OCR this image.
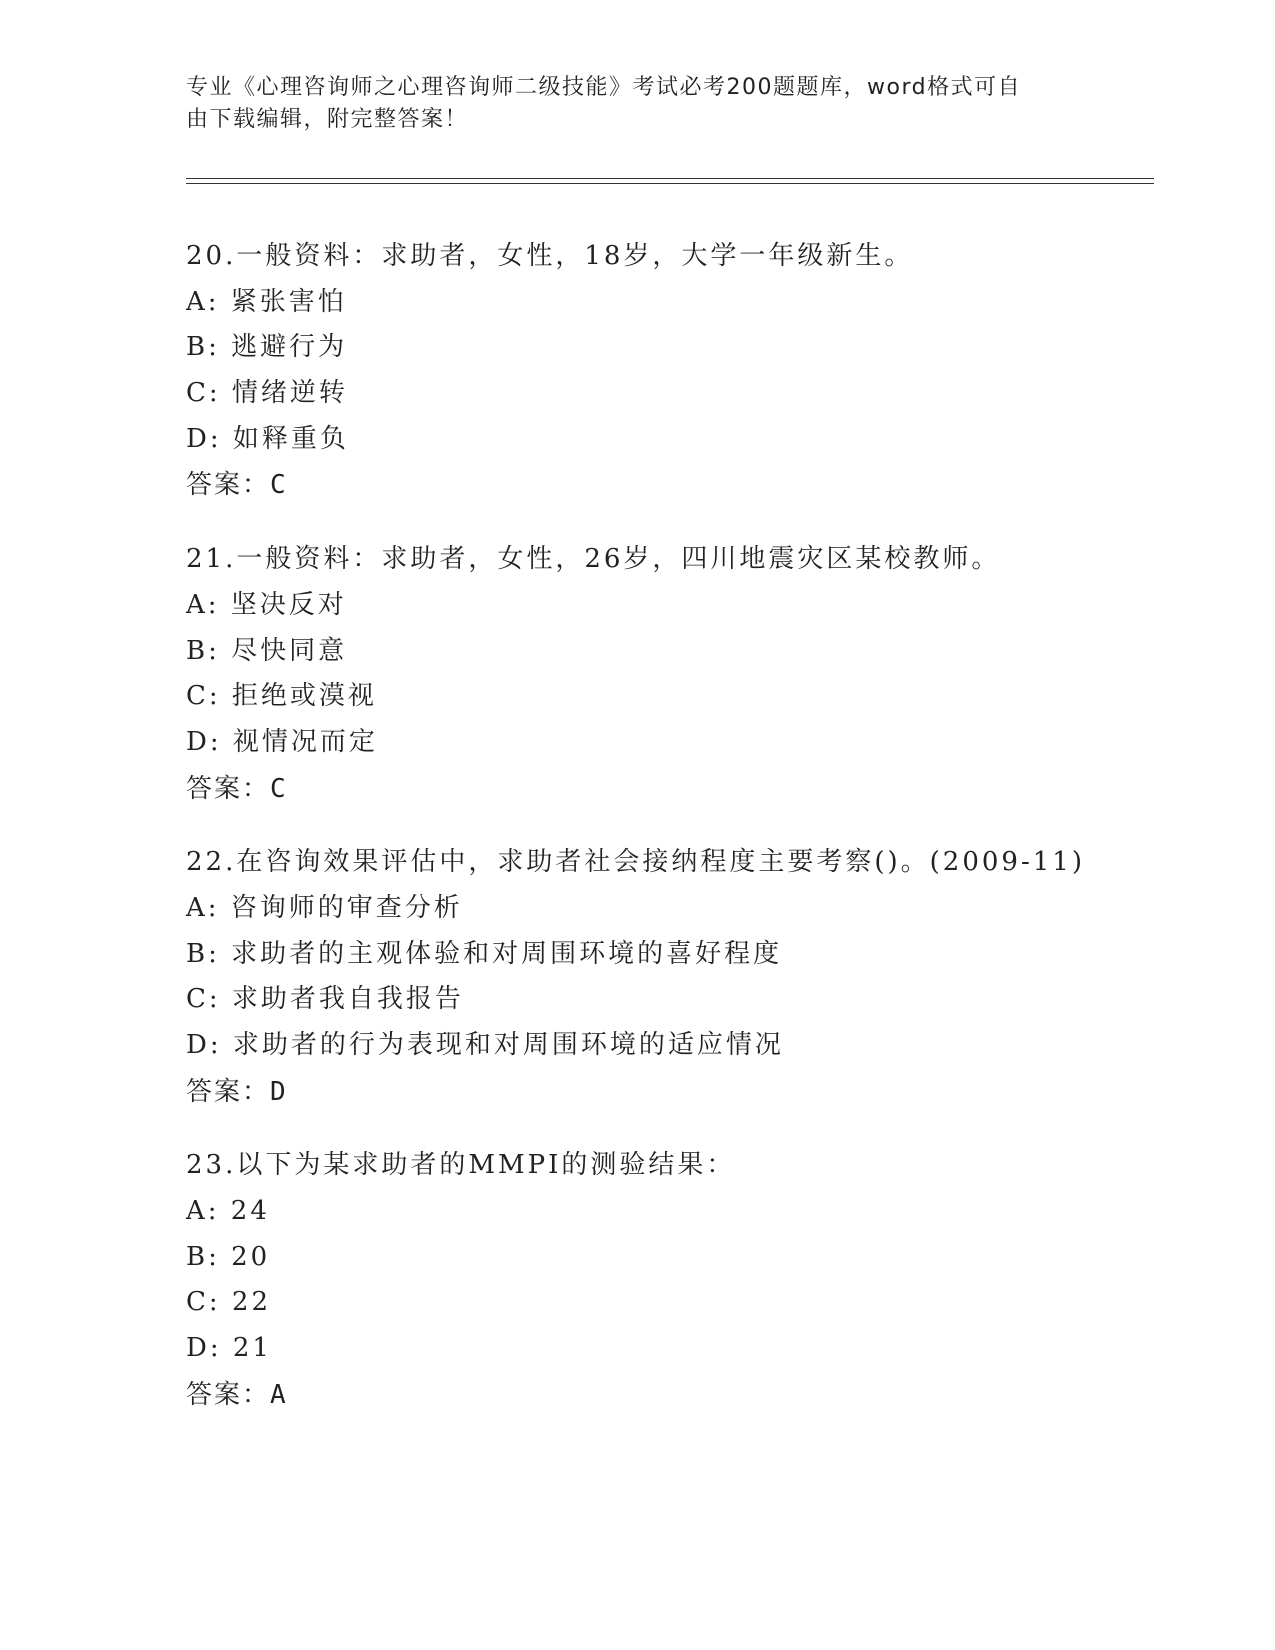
专业《心理咨询师之心理咨询师二级技能》考试必考200题题库，word格式可自
由下载编辑，附完整答案！
20.一般资料：求助者，女性，18岁，大学一年级新生。
A: 紧张害怕
B: 逃避行为
C: 情绪逆转
D: 如释重负
答案：C
21.一般资料：求助者，女性，26岁，四川地震灾区某校教师。
A: 坚决反对
B: 尽快同意
C: 拒绝或漠视
D: 视情况而定
答案：C
22.在咨询效果评估中，求助者社会接纳程度主要考察()。(2009-11)
A: 咨询师的审查分析
B: 求助者的主观体验和对周围环境的喜好程度
C: 求助者我自我报告
D: 求助者的行为表现和对周围环境的适应情况
答案：D
23.以下为某求助者的MMPI的测验结果：
A: 24
B: 20
C: 22
D: 21
答案：A
